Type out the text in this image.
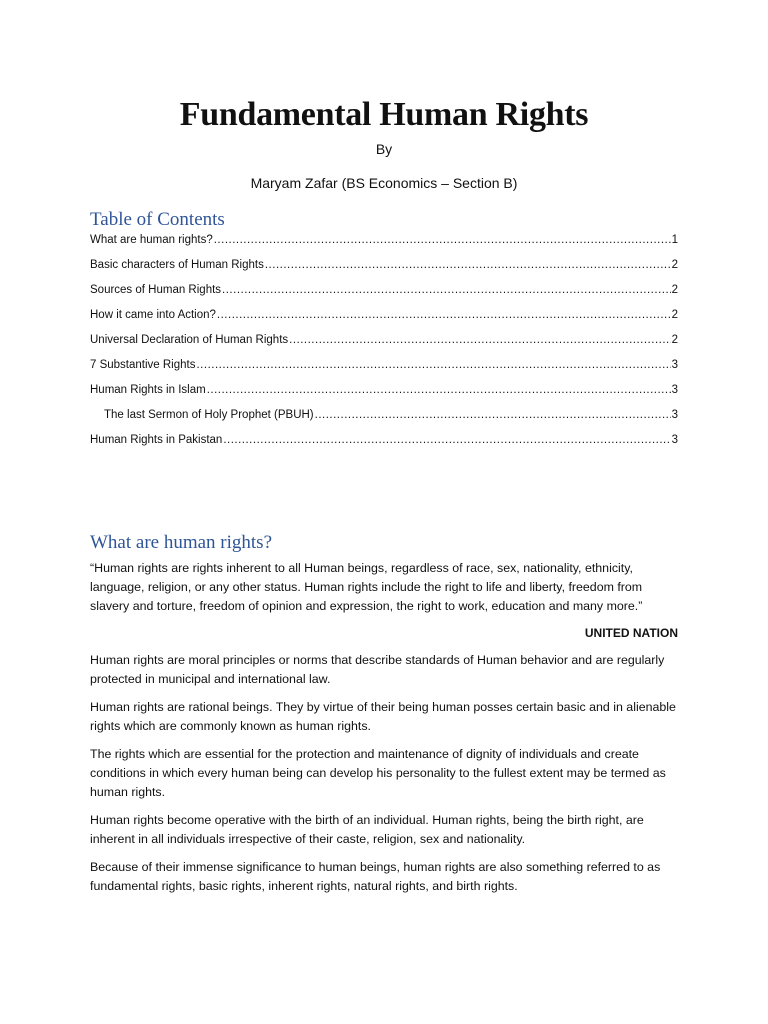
Fundamental Human Rights
By
Maryam Zafar (BS Economics – Section B)
Table of Contents
What are human rights? .....	1
Basic characters of Human Rights .....	2
Sources of Human Rights .....	2
How it came into Action? .....	2
Universal Declaration of Human Rights .....	2
7 Substantive Rights .....	3
Human Rights in Islam .....	3
The last Sermon of Holy Prophet (PBUH) .....	3
Human Rights in Pakistan .....	3
What are human rights?

“Human rights are rights inherent to all Human beings, regardless of race, sex, nationality, ethnicity, language, religion, or any other status. Human rights include the right to life and liberty, freedom from slavery and torture, freedom of opinion and expression, the right to work, education and many more.”

UNITED NATION

Human rights are moral principles or norms that describe standards of Human behavior and are regularly protected in municipal and international law.

Human rights are rational beings. They by virtue of their being human posses certain basic and in alienable rights which are commonly known as human rights.

The rights which are essential for the protection and maintenance of dignity of individuals and create conditions in which every human being can develop his personality to the fullest extent may be termed as human rights.

Human rights become operative with the birth of an individual. Human rights, being the birth right, are inherent in all individuals irrespective of their caste, religion, sex and nationality.

Because of their immense significance to human beings, human rights are also something referred to as fundamental rights, basic rights, inherent rights, natural rights, and birth rights.
